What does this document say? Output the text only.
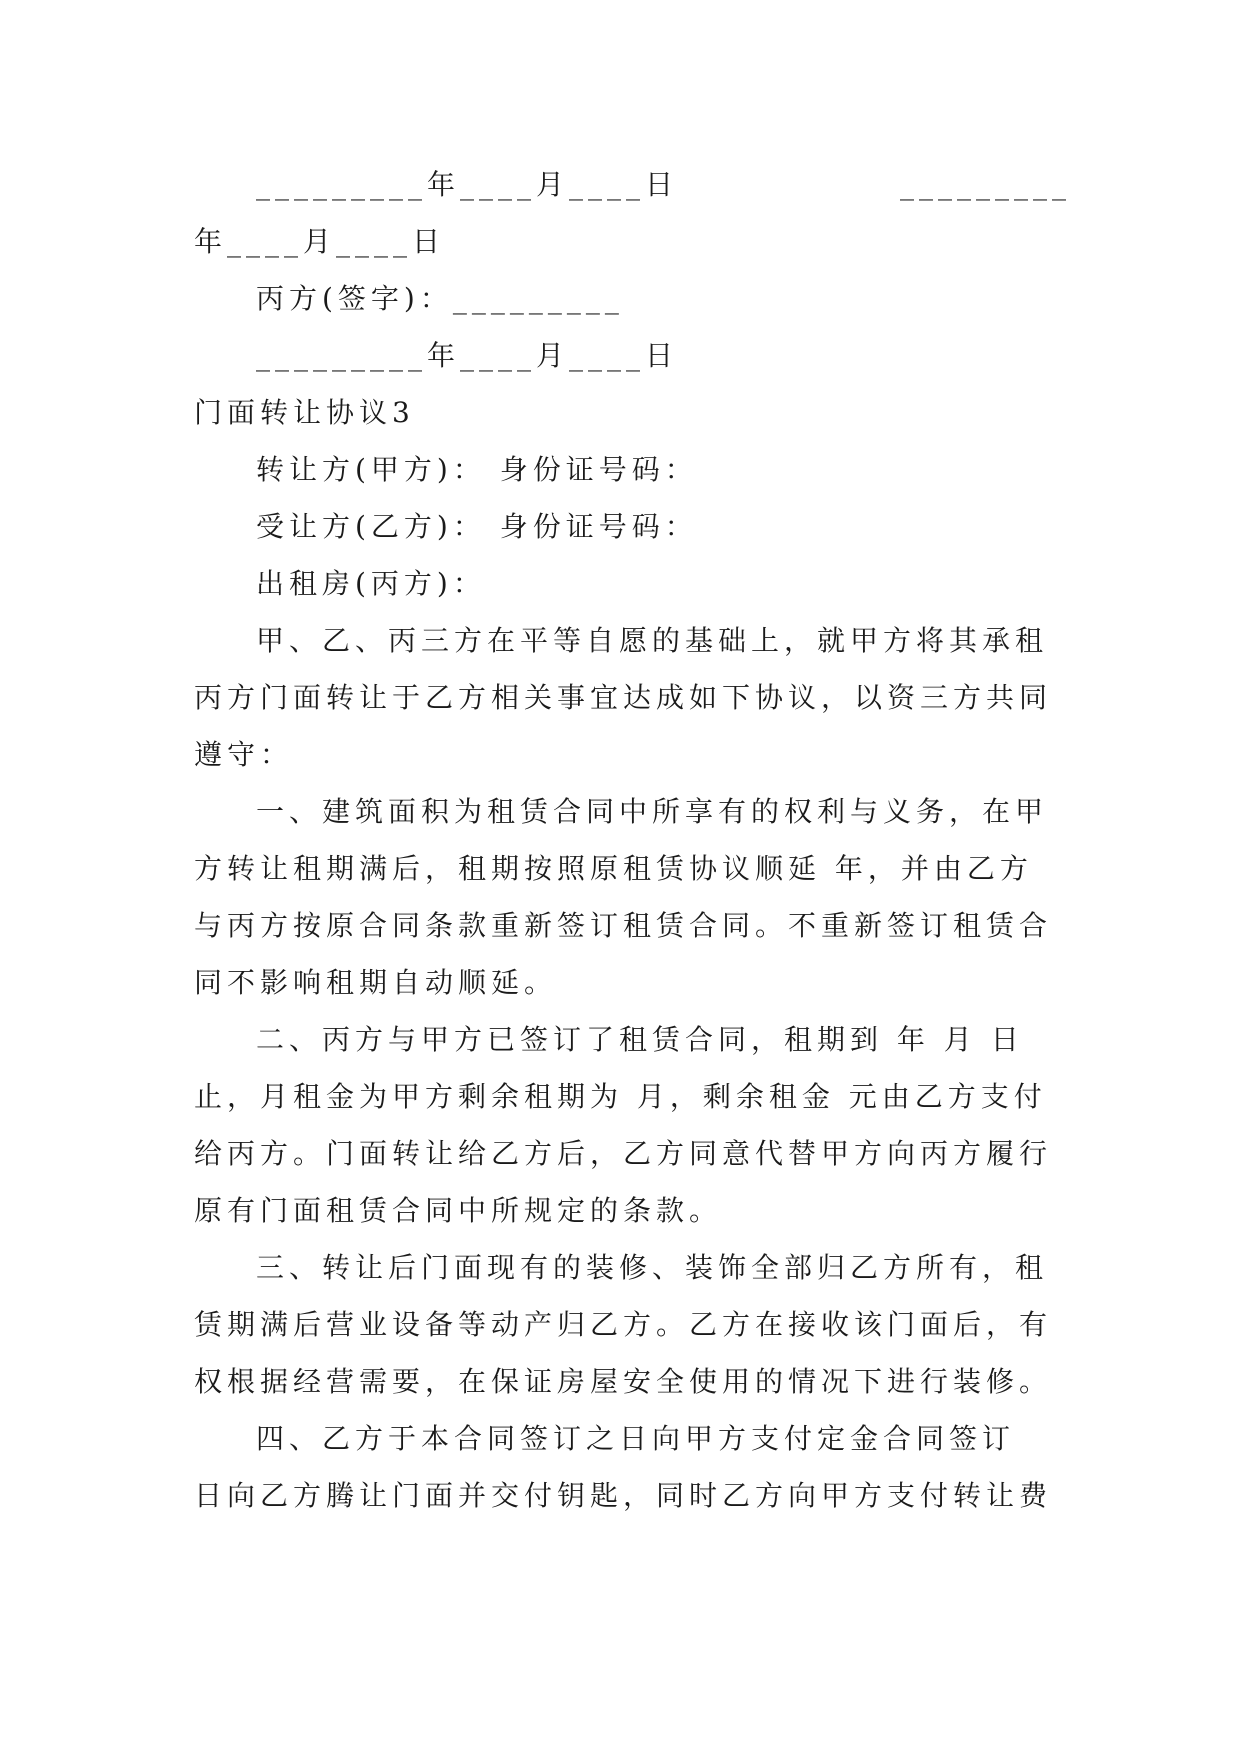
_________年____月____日	_________
年____月____日
丙方(签字)：_________
_________年____月____日
门面转让协议3
转让方(甲方)： 身份证号码：
受让方(乙方)： 身份证号码：
出租房(丙方)：
甲、乙、丙三方在平等自愿的基础上，就甲方将其承租
丙方门面转让于乙方相关事宜达成如下协议，以资三方共同
遵守：
一、建筑面积为租赁合同中所享有的权利与义务，在甲
方转让租期满后，租期按照原租赁协议顺延 年，并由乙方
与丙方按原合同条款重新签订租赁合同。不重新签订租赁合
同不影响租期自动顺延。
二、丙方与甲方已签订了租赁合同，租期到 年 月 日
止，月租金为甲方剩余租期为 月，剩余租金 元由乙方支付
给丙方。门面转让给乙方后，乙方同意代替甲方向丙方履行
原有门面租赁合同中所规定的条款。
三、转让后门面现有的装修、装饰全部归乙方所有，租
赁期满后营业设备等动产归乙方。乙方在接收该门面后，有
权根据经营需要，在保证房屋安全使用的情况下进行装修。
四、乙方于本合同签订之日向甲方支付定金合同签订
日向乙方腾让门面并交付钥匙，同时乙方向甲方支付转让费
